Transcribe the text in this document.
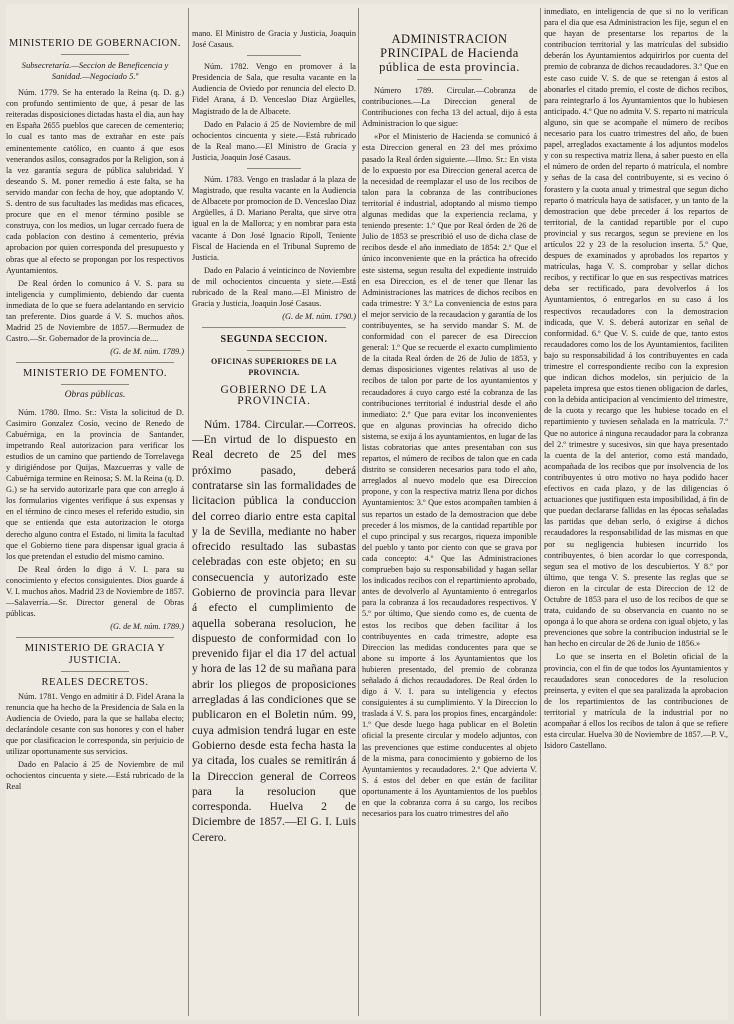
MINISTERIO DE GOBERNACION.
Subsecretaría.—Seccion de Beneficencia y Sanidad.—Negociado 5.º

Núm. 1779. Se ha enterado la Reina (q. D. g.) con profundo sentimiento de que, á pesar de las reiteradas disposiciones dictadas hasta el dia, aun hay en España 2655 pueblos que carecen de cementerio; lo cual es tanto mas de extrañar en este país eminentemente católico, en cuanto á que esos venerandos asilos, consagrados por la Religion, son á la vez garantía segura de pública salubridad. Y deseando S. M. poner remedio á este falta, se ha servido mandar con fecha de hoy, que adoptando V. S. dentro de sus facultades las medidas mas eficaces, procure que en el menor término posible se construya, con los medios, un lugar cercado fuera de cada poblacion con destino á cementerio, prévia aprobacion por quien corresponda del presupuesto y obras que al efecto se propongan por los respectivos Ayuntamientos.

De Real órden lo comunico á V. S. para su inteligencia y cumplimiento, debiendo dar cuenta inmediata de lo que se fuera adelantando en servicio tan preferente. Dios guarde á V. S. muchos años. Madrid 25 de Noviembre de 1857.—Bermudez de Castro.—Sr. Gobernador de la provincia de....

(G. de M. núm. 1789.)
MINISTERIO DE FOMENTO.
Obras públicas.

Núm. 1780. Ilmo. Sr.: Vista la solicitud de D. Casimiro Gonzalez Cosío, vecino de Renedo de Cabuérniga, en la provincia de Santander, impetrando Real autorizacion para verificar los estudios de un camino que partiendo de Torrelavega y dirigiéndose por Quijas, Mazcuerras y valle de Cabuérniga termine en Reinosa; S. M. la Reina (q. D. G.) se ha servido autorizarle para que con arreglo á los formularios vigentes verifique á sus expensas y en el término de cinco meses el referido estudio, sin que se entienda que esta autorizacion le otorga derecho alguno contra el Estado, ni limita la facultad que el Gobierno tiene para dispensar igual gracia á los que pretendan el estudio del mismo camino.

De Real órden lo digo á V. I. para su conocimiento y efectos consiguientes. Dios guarde á V. I. muchos años. Madrid 23 de Noviembre de 1857.—Salaverría.—Sr. Director general de Obras públicas.

(G. de M. núm. 1789.)
MINISTERIO DE GRACIA Y JUSTICIA.
REALES DECRETOS.

Núm. 1781. Vengo en admitir á D. Fidel Arana la renuncia que ha hecho de la Presidencia de Sala en la Audiencia de Oviedo, para la que se hallaba electo; declarándole cesante con sus honores y con el haber que por clasificacion le corresponda, sin perjuicio de utilizar oportunamente sus servicios.

Dado en Palacio á 25 de Noviembre de mil ochocientos cincuenta y siete.—Está rubricado de la Real

mano. El Ministro de Gracia y Justicia, Joaquin José Casaus.

Núm. 1782. Vengo en promover á la Presidencia de Sala, que resulta vacante en la Audiencia de Oviedo por renuncia del electo D. Fidel Arana, á D. Venceslao Diaz Argüelles, Magistrado de la de Albacete.

Dado en Palacio á 25 de Noviembre de mil ochocientos cincuenta y siete.—Está rubricado de la Real mano.—El Ministro de Gracia y Justicia, Joaquin José Casaus.

Núm. 1783. Vengo en trasladar á la plaza de Magistrado, que resulta vacante en la Audiencia de Albacete por promocion de D. Venceslao Diaz Argüelles, á D. Mariano Peralta, que sirve otra igual en la de Mallorca; y en nombrar para esta vacante á Don José Ignacio Ripoll, Teniente Fiscal de Hacienda en el Tribunal Supremo de Justicia.

Dado en Palacio á veinticinco de Noviembre de mil ochocientos cincuenta y siete.—Está rubricado de la Real mano.—El Ministro de Gracia y Justicia, Joaquin José Casaus.

(G. de M. núm. 1790.)
SEGUNDA SECCION.
OFICINAS SUPERIORES DE LA PROVINCIA.
GOBIERNO DE LA PROVINCIA.

Núm. 1784. Circular.—Correos.—En virtud de lo dispuesto en Real decreto de 25 del mes próximo pasado, deberá contratarse sin las formalidades de licitacion pública la conduccion del correo diario entre esta capital y la de Sevilla, mediante no haber ofrecido resultado las subastas celebradas con este objeto; en su consecuencia y autorizado este Gobierno de provincia para llevar á efecto el cumplimiento de aquella soberana resolucion, he dispuesto de conformidad con lo prevenido fijar el dia 17 del actual y hora de las 12 de su mañana para abrir los pliegos de proposiciones arregladas á las condiciones que se publicaron en el Boletin núm. 99, cuya admision tendrá lugar en este Gobierno desde esta fecha hasta la ya citada, los cuales se remitirán á la Direccion general de Correos para la resolucion que corresponda. Huelva 2 de Diciembre de 1857.—El G. I. Luis Cerero.

ADMINISTRACION PRINCIPAL de Hacienda pública de esta provincia.

Número 1789. Circular.—Cobranza de contribuciones.—La Direccion general de Contribuciones con fecha 13 del actual, dijo á esta Administracion lo que sigue:

«Por el Ministerio de Hacienda se comunicó á esta Direccion general en 23 del mes próximo pasado la Real órden siguiente.—Ilmo. Sr.: En vista de lo expuesto por esa Direccion general acerca de la necesidad de reemplazar el uso de los recibos de talon para la cobranza de las contribuciones territorial é industrial, adoptando al mismo tiempo algunas medidas que la experiencia reclama, y teniendo presente: 1.º Que por Real órden de 26 de Julio de 1853 se prescribió el uso de dicha clase de recibos desde el año inmediato de 1854: 2.º Que el único inconveniente que en la práctica ha ofrecido este sistema, segun resulta del expediente instruido en esa Direccion, es el de tener que llenar las Administraciones las matrices de dichos recibos en cada trimestre: Y 3.º La conveniencia de estos para el mejor servicio de la recaudacion y garantía de los contribuyentes, se ha servido mandar S. M. de conformidad con el parecer de esa Direccion general: 1.º Que se recuerde el exacto cumplimiento de la citada Real órden de 26 de Julio de 1853, y demas disposiciones vigentes relativas al uso de recibos de talon por parte de los ayuntamientos y recaudadores á cuyo cargo esté la cobranza de las contribuciones territorial é industrial desde el año inmediato: 2.º Que para evitar los inconvenientes que en algunas provincias ha ofrecido dicho sistema, se exija á los ayuntamientos, en lugar de las listas cobratorias que antes presentaban con sus repartos, el número de recibos de talon que en cada distrito se consideren necesarios para todo el año, arreglados al nuevo modelo que esa Direccion propone, y con la respectiva matriz llena por dichos Ayuntamientos: 3.º Que estos acompañen tambien á sus repartos un estado de la demostracion que debe preceder á los mismos, de la cantidad repartible por el cupo principal y sus recargos, riqueza imponible del pueblo y tanto por ciento con que se grava por cada concepto: 4.º Que las Administraciones comprueben bajo su responsabilidad y hagan sellar los indicados recibos con el repartimiento aprobado, antes de devolverlo al Ayuntamiento ó entregarlos para la cobranza á los recaudadores respectivos. Y 5.º por último, Que siendo como es, de cuenta de estos los recibos que deben facilitar á los contribuyentes en cada trimestre, adopte esa Direccion las medidas conducentes para que se abone su importe á los Ayuntamientos que los hubieren presentado, del premio de cobranza señalado á dichos recaudadores. De Real órden lo digo á V. I. para su inteligencia y efectos consiguientes á su cumplimiento. Y la Direccion lo traslada á V. S. para los propios fines, encargándole: 1.º Que desde luego haga publicar en el Boletin oficial la presente circular y modelo adjuntos, con las prevenciones que estime conducentes al objeto de la misma, para conocimiento y gobierno de los Ayuntamientos y recaudadores. 2.º Que advierta V. S. á estos del deber en que están de facilitar oportunamente á los Ayuntamientos de los pueblos en que la cobranza corra á su cargo, los recibos necesarios para los cuatro trimestres del año

inmediato, en inteligencia de que si no lo verifican para el dia que esa Administracion les fije, segun el en que hayan de presentarse los repartos de la contribucion territorial y las matrículas del subsidio deberán los Ayuntamientos adquirirlos por cuenta del premio de cobranza de dichos recaudadores. 3.º Que en este caso cuide V. S. de que se retengan á estos al abonarles el citado premio, el coste de dichos recibos, para reintegrarlo á los Ayuntamientos que lo hubiesen anticipado. 4.º Que no admita V. S. reparto ni matrícula alguno, sin que se acompañe el número de recibos necesario para los cuatro trimestres del año, de buen papel, arreglados exactamente á los adjuntos modelos y con su respectiva matriz llena, á saber puesto en ella el número de orden del reparto ó matrícula, el nombre y señas de la casa del contribuyente, si es vecino ó forastero y la cuota anual y trimestral que segun dicho reparto ó matrícula haya de satisfacer, y un tanto de la demostracion que debe preceder á los repartos de territorial, de la cantidad repartible por el cupo provincial y sus recargos, segun se previene en los artículos 22 y 23 de la resolucion inserta. 5.º Que, despues de examinados y aprobados los repartos y matrículas, haga V. S. comprobar y sellar dichos recibos, y rectificar lo que en sus respectivas matrices deba ser rectificado, para devolverlos á los Ayuntamientos, ó entregarlos en su caso á los respectivos recaudadores con la demostracion indicada, que V. S. deberá autorizar en señal de conformidad. 6.º Que V. S. cuide de que, tanto estos recaudadores como los de los Ayuntamientos, faciliten bajo su responsabilidad á los contribuyentes en cada trimestre el correspondiente recibo con la expresion que indican dichos modelos, sin perjuicio de la papeleta impresa que estos tienen obligacion de darles, con la debida anticipacion al vencimiento del trimestre, de la cuota y recargo que les hubiese tocado en el repartimiento y tuviesen señalada en la matrícula. 7.º Que no autorice á ninguna recaudador para la cobranza del 2.º trimestre y sucesivos, sin que haya presentado la cuenta de la del anterior, como está mandado, acompañada de los recibos que por insolvencia de los contribuyentes ú otro motivo no haya podido hacer efectivos en cada plazo, y de las diligencias ó actuaciones que justifiquen esta imposibilidad, á fin de que puedan declararse fallidas en las épocas señaladas las partidas que deban serlo, ó exigirse á dichos recaudadores la responsabilidad de las mismas en que por su negligencia hubiesen incurrido los contribuyentes, ó bien acordar lo que corresponda, segun sea el motivo de los descubiertos. Y 8.º por último, que tenga V. S. presente las reglas que se dieron en la circular de esta Direccion de 12 de Octubre de 1853 para el uso de los recibos de que se trata, cuidando de su observancia en cuanto no se oponga á lo que ahora se ordena con igual objeto, y las prevenciones que sobre la contribucion industrial se le han hecho en circular de 26 de Junio de 1856.»

Lo que se inserta en el Boletin oficial de la provincia, con el fin de que todos los Ayuntamientos y recaudadores sean conocedores de la resolucion preinserta, y eviten el que sea paralizada la aprobacion de los repartimientos de las contribuciones de territorial y matrícula de la industrial por no acompañar á ellos los recibos de talon á que se refiere esta circular. Huelva 30 de Noviembre de 1857.—P. V., Isidoro Castellano.
